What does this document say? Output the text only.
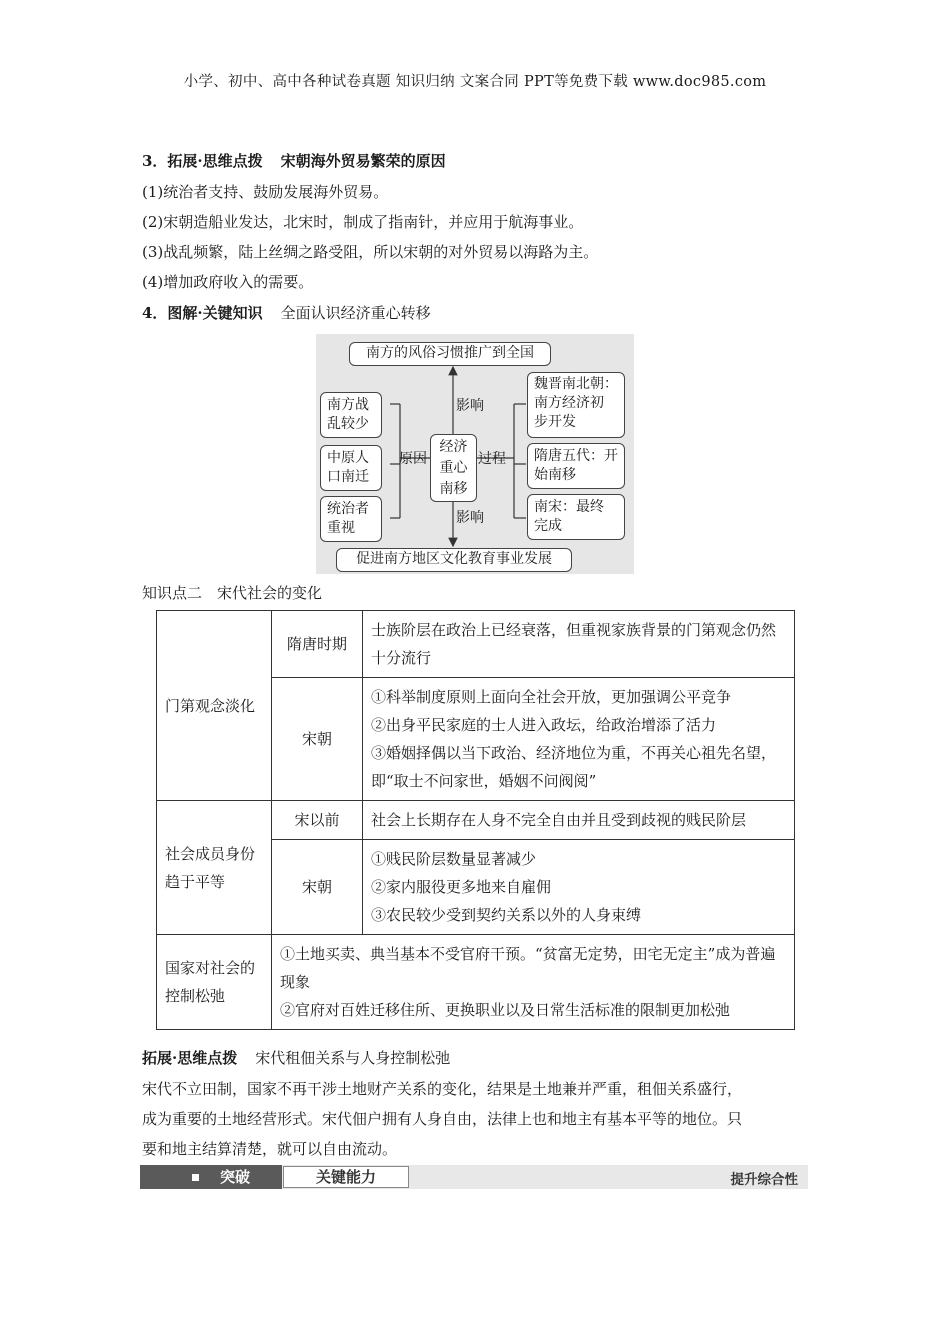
小学、初中、高中各种试卷真题 知识归纳 文案合同 PPT等免费下载 www.doc985.com
3．拓展·思维点拨 宋朝海外贸易繁荣的原因
(1)统治者支持、鼓励发展海外贸易。
(2)宋朝造船业发达，北宋时，制成了指南针，并应用于航海事业。
(3)战乱频繁，陆上丝绸之路受阻，所以宋朝的对外贸易以海路为主。
(4)增加政府收入的需要。
4．图解·关键知识 全面认识经济重心转移
南方的风俗习惯推广到全国
经济
重心
南移
南方战
乱较少
中原人
口南迁
统治者
重视
魏晋南北朝：
南方经济初
步开发
隋唐五代：开
始南移
南宋：最终
完成
促进南方地区文化教育事业发展
影响
影响
原因	过程
知识点二　宋代社会的变化
门第观念淡化	隋唐时期	士族阶层在政治上已经衰落，但重视家族背景的门第观念仍然十分流行
	宋朝	①科举制度原则上面向全社会开放，更加强调公平竞争
②出身平民家庭的士人进入政坛，给政治增添了活力
③婚姻择偶以当下政治、经济地位为重，不再关心祖先名望，即“取士不问家世，婚姻不问阀阅”

社会成员身份趋于平等	宋以前	社会上长期存在人身不完全自由并且受到歧视的贱民阶层
	宋朝	①贱民阶层数量显著减少
②家内服役更多地来自雇佣
③农民较少受到契约关系以外的人身束缚

国家对社会的控制松弛	①土地买卖、典当基本不受官府干预。“贫富无定势，田宅无定主”成为普遍现象
②官府对百姓迁移住所、更换职业以及日常生活标准的限制更加松弛	
拓展·思维点拨 宋代租佃关系与人身控制松弛
宋代不立田制，国家不再干涉土地财产关系的变化，结果是土地兼并严重，租佃关系盛行，
成为重要的土地经营形式。宋代佃户拥有人身自由，法律上也和地主有基本平等的地位。只
要和地主结算清楚，就可以自由流动。
突破	关键能力	提升综合性
